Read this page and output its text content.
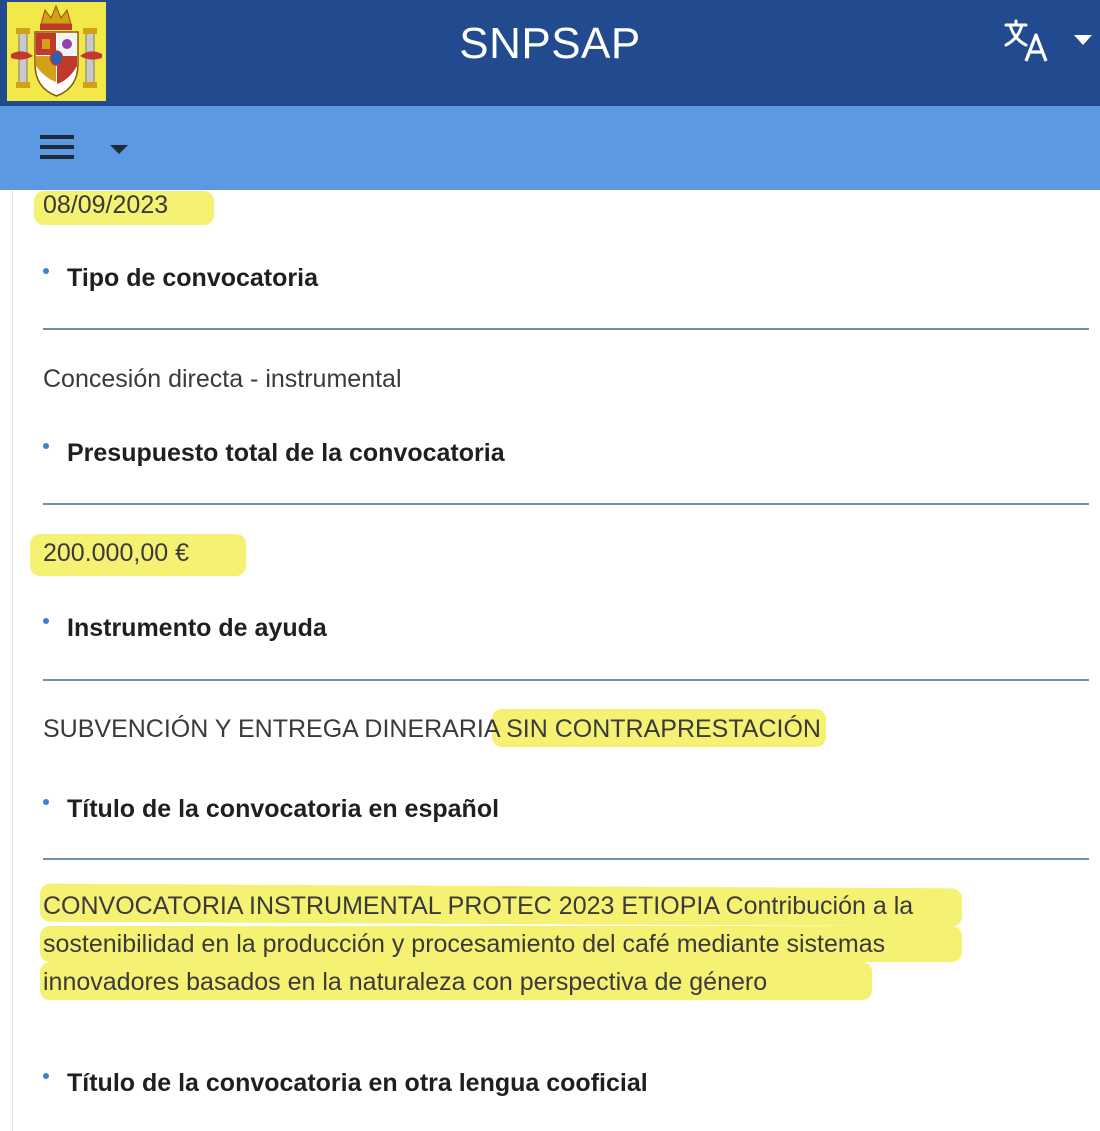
SNPSAP
08/09/2023
Tipo de convocatoria
Concesión directa - instrumental
Presupuesto total de la convocatoria
200.000,00 €
Instrumento de ayuda
SUBVENCIÓN Y ENTREGA DINERARIA SIN CONTRAPRESTACIÓN
Título de la convocatoria en español
CONVOCATORIA INSTRUMENTAL PROTEC 2023 ETIOPIA Contribución a la
sostenibilidad en la producción y procesamiento del café mediante sistemas
innovadores basados en la naturaleza con perspectiva de género
Título de la convocatoria en otra lengua cooficial
